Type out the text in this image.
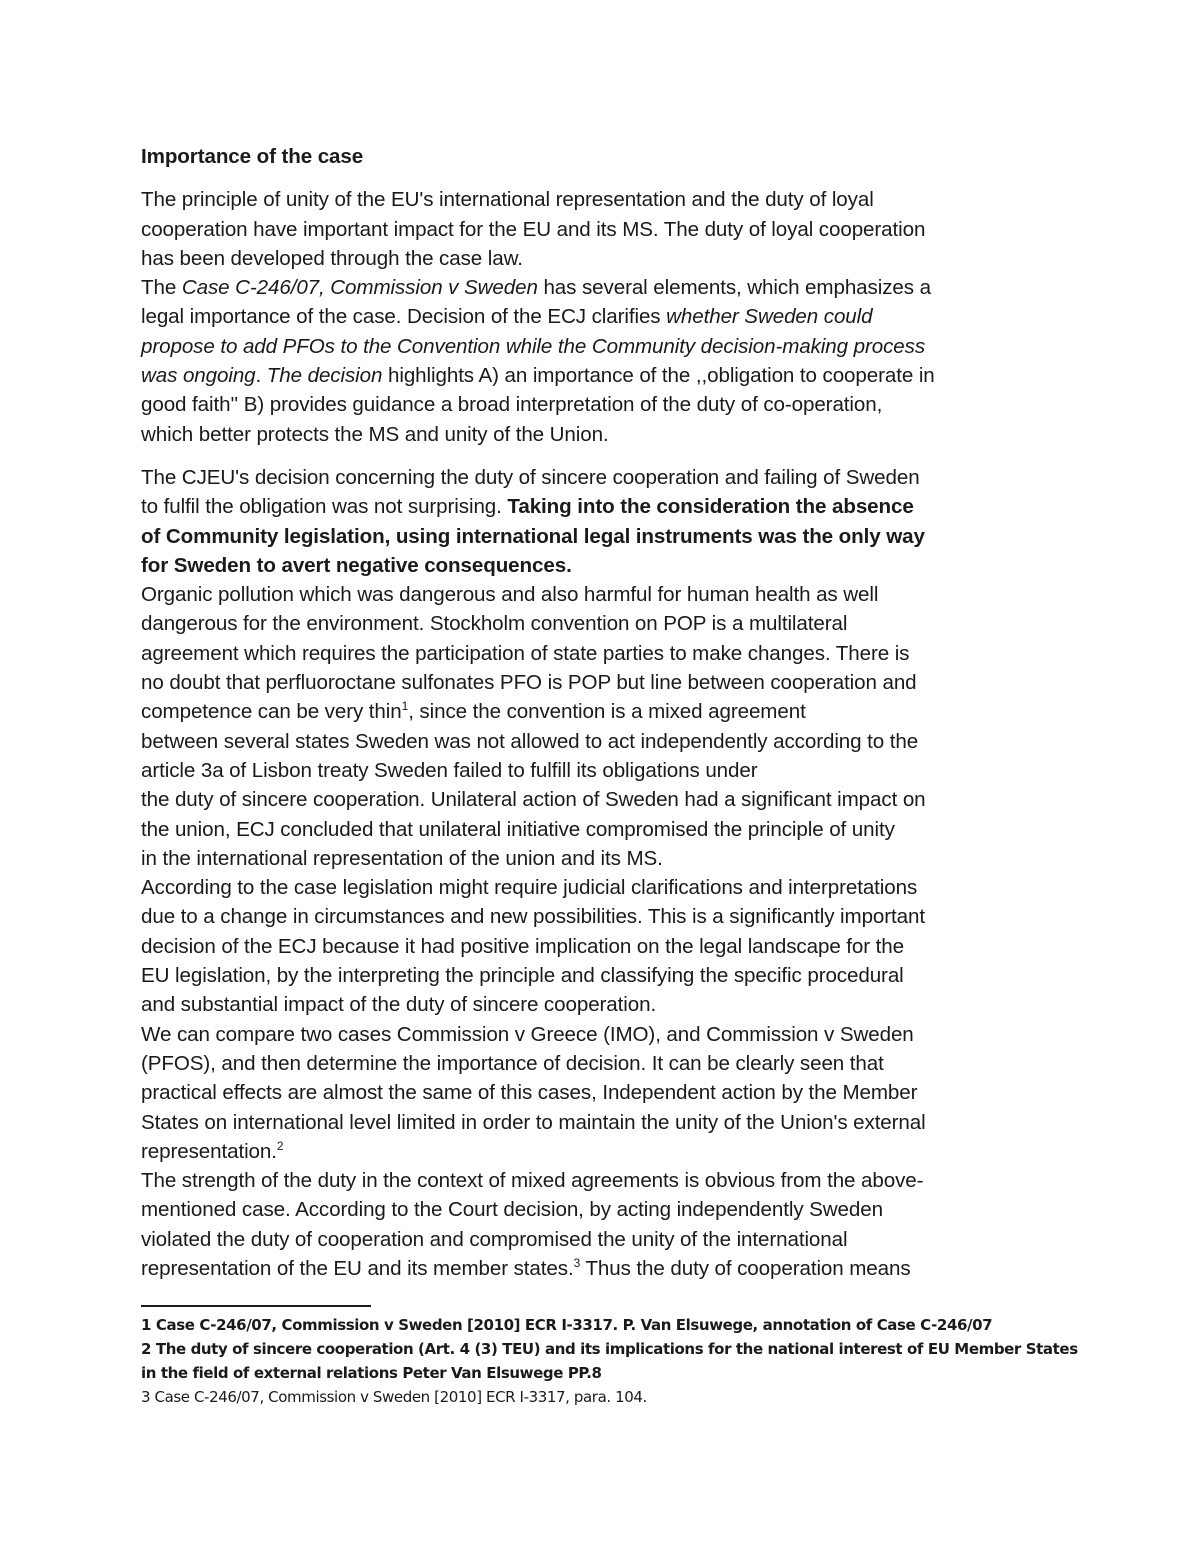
Importance of the case
The principle of unity of the EU's international representation and the duty of loyal
cooperation have important impact for the EU and its MS. The duty of loyal cooperation
has been developed through the case law.
The Case C-246/07, Commission v Sweden has several elements, which emphasizes a
legal importance of the case. Decision of the ECJ clarifies whether Sweden could
propose to add PFOs to the Convention while the Community decision-making process
was ongoing. The decision highlights A) an importance of the ,,obligation to cooperate in
good faith'' B) provides guidance a broad interpretation of the duty of co-operation,
which better protects the MS and unity of the Union.
The CJEU's decision concerning the duty of sincere cooperation and failing of Sweden
to fulfil the obligation was not surprising. Taking into the consideration the absence
of Community legislation, using international legal instruments was the only way
for Sweden to avert negative consequences.
Organic pollution which was dangerous and also harmful for human health as well
dangerous for the environment. Stockholm convention on POP is a multilateral
agreement which requires the participation of state parties to make changes. There is
no doubt that perfluoroctane sulfonates PFO is POP but line between cooperation and
competence can be very thin$^1$, since the convention is a mixed agreement
between several states Sweden was not allowed to act independently according to the
article 3a of Lisbon treaty Sweden failed to fulfill its obligations under
the duty of sincere cooperation. Unilateral action of Sweden had a significant impact on
the union, ECJ concluded that unilateral initiative compromised the principle of unity
in the international representation of the union and its MS.
According to the case legislation might require judicial clarifications and interpretations
due to a change in circumstances and new possibilities. This is a significantly important
decision of the ECJ because it had positive implication on the legal landscape for the
EU legislation, by the interpreting the principle and classifying the specific procedural
and substantial impact of the duty of sincere cooperation.
We can compare two cases Commission v Greece (IMO), and Commission v Sweden
(PFOS), and then determine the importance of decision. It can be clearly seen that
practical effects are almost the same of this cases, Independent action by the Member
States on international level limited in order to maintain the unity of the Union's external
representation.$^2$
The strength of the duty in the context of mixed agreements is obvious from the above-
mentioned case. According to the Court decision, by acting independently Sweden
violated the duty of cooperation and compromised the unity of the international
representation of the EU and its member states.$^3$ Thus the duty of cooperation means
1 Case C-246/07, Commission v Sweden [2010] ECR I-3317. P. Van Elsuwege, annotation of Case C-246/07
2 The duty of sincere cooperation (Art. 4 (3) TEU) and its implications for the national interest of EU Member States
in the field of external relations Peter Van Elsuwege PP.8
3 Case C-246/07, Commission v Sweden [2010] ECR I-3317, para. 104.
